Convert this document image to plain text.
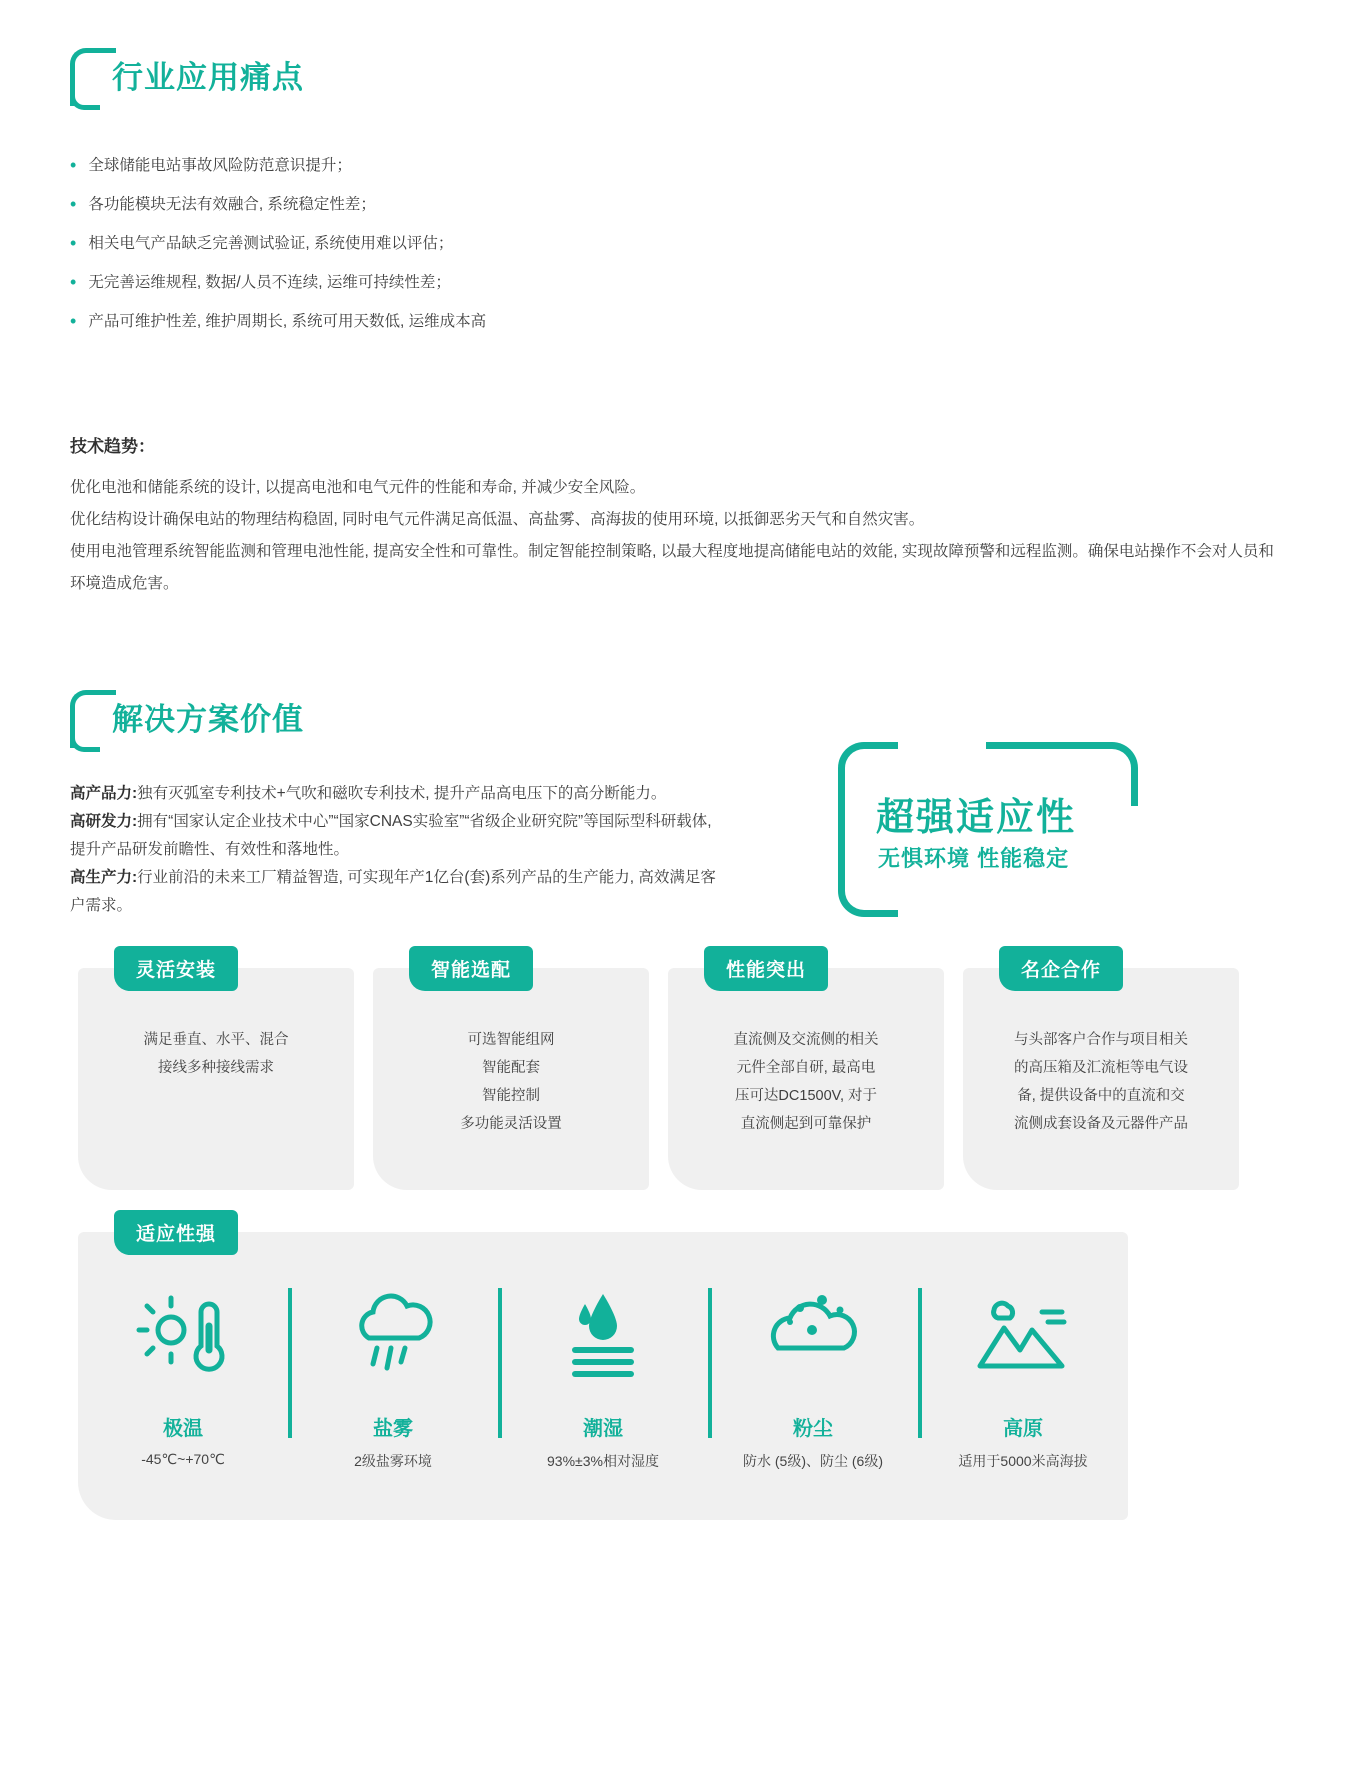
行业应用痛点
• 全球储能电站事故风险防范意识提升；
• 各功能模块无法有效融合, 系统稳定性差；
• 相关电气产品缺乏完善测试验证, 系统使用难以评估；
• 无完善运维规程, 数据/人员不连续, 运维可持续性差；
• 产品可维护性差, 维护周期长, 系统可用天数低, 运维成本高
技术趋势：
优化电池和储能系统的设计, 以提高电池和电气元件的性能和寿命, 并减少安全风险。
优化结构设计确保电站的物理结构稳固, 同时电气元件满足高低温、高盐雾、高海拔的使用环境, 以抵御恶劣天气和自然灾害。
使用电池管理系统智能监测和管理电池性能, 提高安全性和可靠性。制定智能控制策略, 以最大程度地提高储能电站的效能, 实现故障预警和远程监测。确保电站操作不会对人员和环境造成危害。
解决方案价值
高产品力:独有灭弧室专利技术+气吹和磁吹专利技术, 提升产品高电压下的高分断能力。
高研发力:拥有“国家认定企业技术中心”“国家CNAS实验室”“省级企业研究院”等国际型科研载体, 提升产品研发前瞻性、有效性和落地性。
高生产力:行业前沿的未来工厂精益智造, 可实现年产1亿台(套)系列产品的生产能力, 高效满足客户需求。
超强适应性
无惧环境 性能稳定
灵活安装
满足垂直、水平、混合
接线多种接线需求
智能选配
可选智能组网
智能配套
智能控制
多功能灵活设置
性能突出
直流侧及交流侧的相关
元件全部自研, 最高电
压可达DC1500V, 对于
直流侧起到可靠保护
名企合作
与头部客户合作与项目相关
的高压箱及汇流柜等电气设
备, 提供设备中的直流和交
流侧成套设备及元器件产品
适应性强
极温
-45℃~+70℃
盐雾
2级盐雾环境
潮湿
93%±3%相对湿度
粉尘
防水 (5级)、防尘 (6级)
高原
适用于5000米高海拔
